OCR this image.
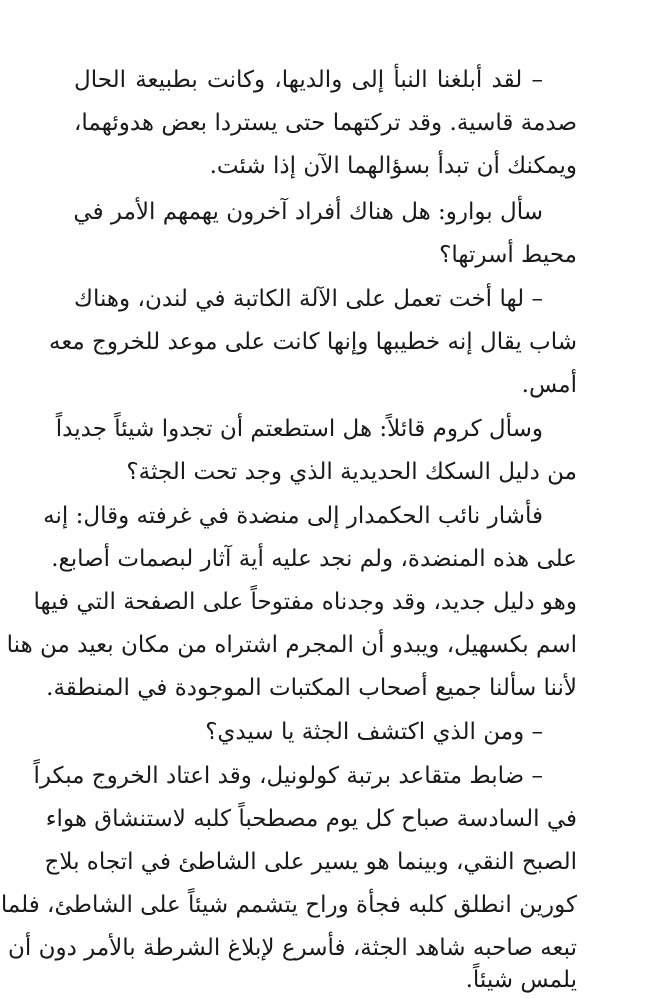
– لقد أبلغنا النبأ إلى والديها، وكانت بطبيعة الحال
صدمة قاسية. وقد تركتهما حتى يستردا بعض هدوئهما،
ويمكنك أن تبدأ بسؤالهما الآن إذا شئت.
سأل بوارو: هل هناك أفراد آخرون يهمهم الأمر في
محيط أسرتها؟
– لها أخت تعمل على الآلة الكاتبة في لندن، وهناك
شاب يقال إنه خطيبها وإنها كانت على موعد للخروج معه
أمس.
وسأل كروم قائلاً: هل استطعتم أن تجدوا شيئاً جديداً
من دليل السكك الحديدية الذي وجد تحت الجثة؟
فأشار نائب الحكمدار إلى منضدة في غرفته وقال: إنه
على هذه المنضدة، ولم نجد عليه أية آثار لبصمات أصابع.
وهو دليل جديد، وقد وجدناه مفتوحاً على الصفحة التي فيها
اسم بكسهيل، ويبدو أن المجرم اشتراه من مكان بعيد من هنا
لأننا سألنا جميع أصحاب المكتبات الموجودة في المنطقة.
– ومن الذي اكتشف الجثة يا سيدي؟
– ضابط متقاعد برتبة كولونيل، وقد اعتاد الخروج مبكراً
في السادسة صباح كل يوم مصطحباً كلبه لاستنشاق هواء
الصبح النقي، وبينما هو يسير على الشاطئ في اتجاه بلاج
كورين انطلق كلبه فجأة وراح يتشمم شيئاً على الشاطئ، فلما
تبعه صاحبه شاهد الجثة، فأسرع لإبلاغ الشرطة بالأمر دون أن
يلمس شيئاً.
